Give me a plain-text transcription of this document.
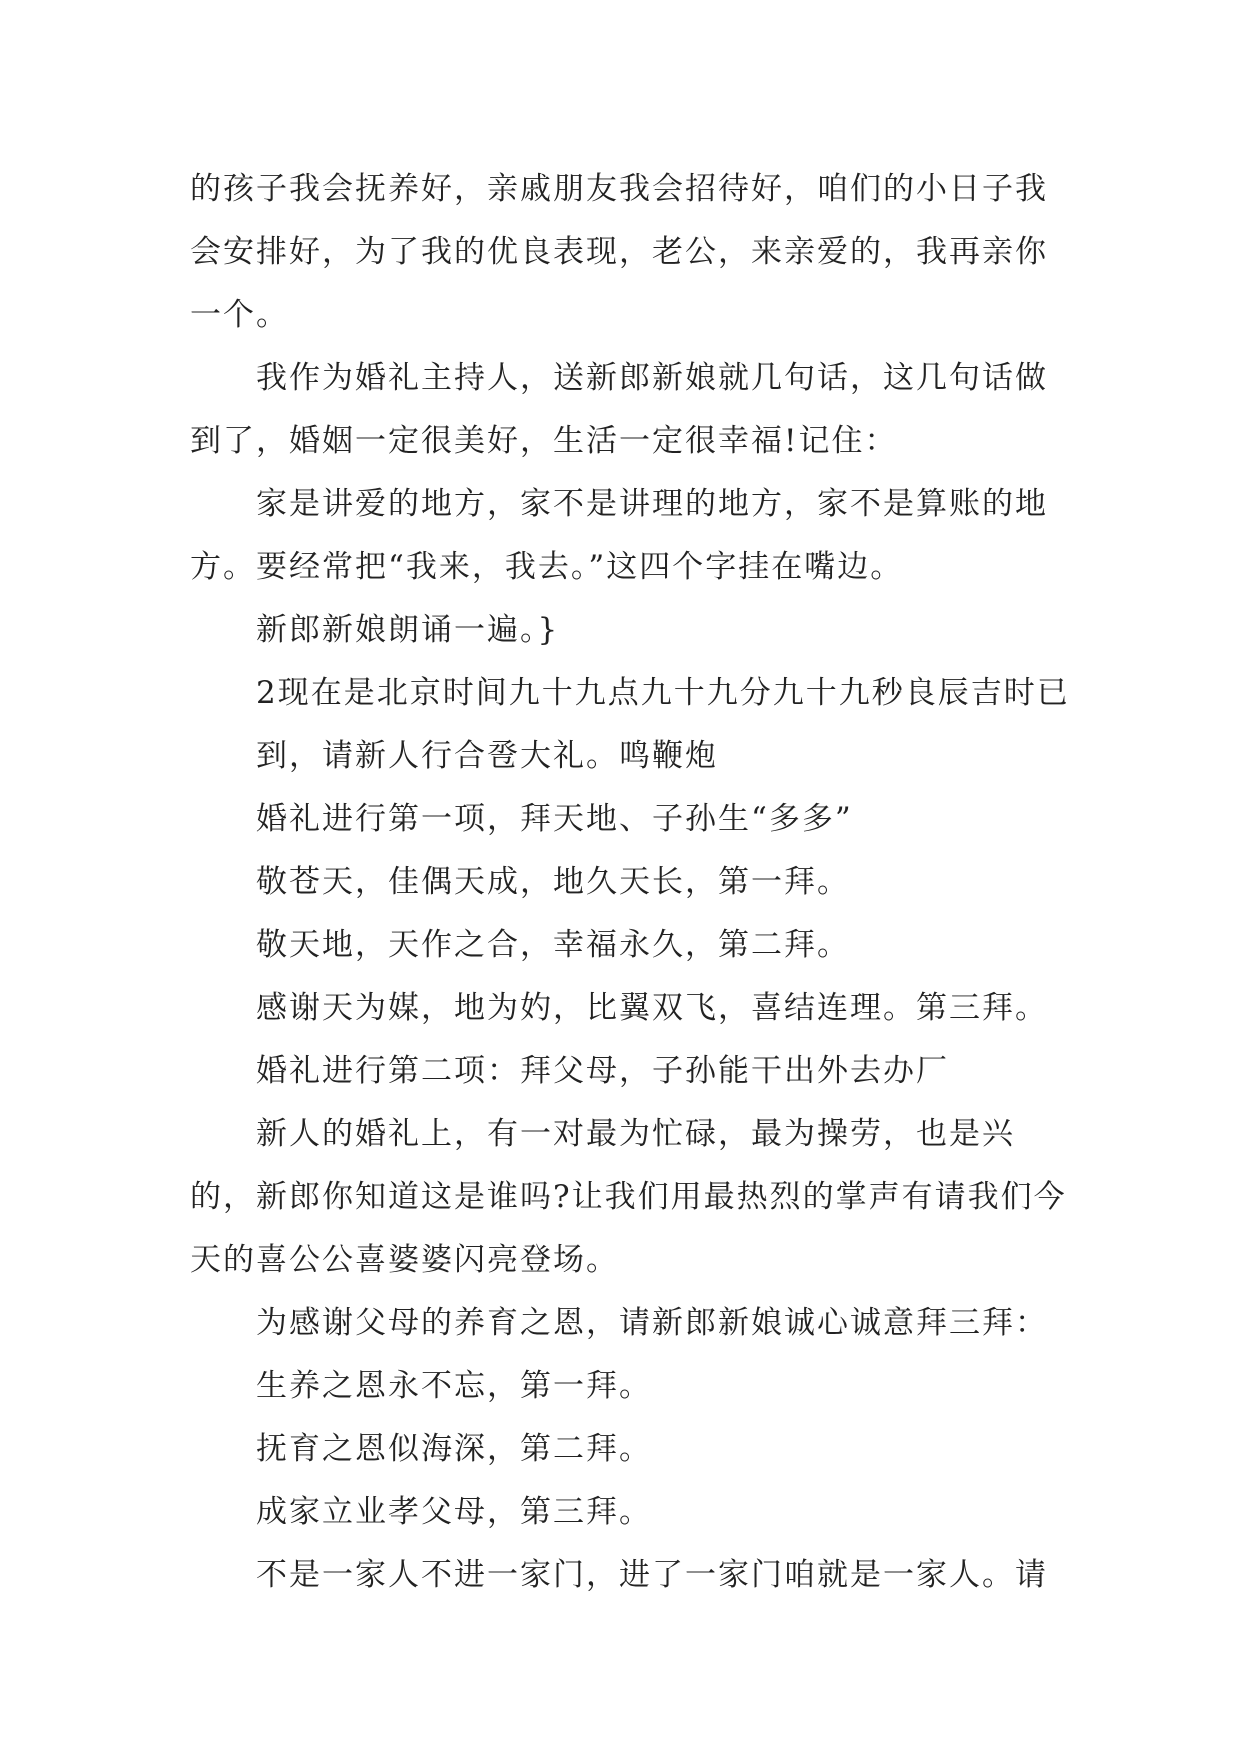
的孩子我会抚养好，亲戚朋友我会招待好，咱们的小日子我会安排好，为了我的优良表现，老公，来亲爱的，我再亲你一个。

我作为婚礼主持人，送新郎新娘就几句话，这几句话做到了，婚姻一定很美好，生活一定很幸福!记住：

家是讲爱的地方，家不是讲理的地方，家不是算账的地方。要经常把“我来，我去。”这四个字挂在嘴边。

新郎新娘朗诵一遍。}

2现在是北京时间九十九点九十九分九十九秒良辰吉时已

到，请新人行合卺大礼。鸣鞭炮

婚礼进行第一项，拜天地、子孙生“多多”

敬苍天，佳偶天成，地久天长，第一拜。

敬天地，天作之合，幸福永久，第二拜。

感谢天为媒，地为妁，比翼双飞，喜结连理。第三拜。

婚礼进行第二项：拜父母，子孙能干出外去办厂

新人的婚礼上，有一对最为忙碌，最为操劳，也是兴的，新郎你知道这是谁吗?让我们用最热烈的掌声有请我们今天的喜公公喜婆婆闪亮登场。

为感谢父母的养育之恩，请新郎新娘诚心诚意拜三拜：

生养之恩永不忘，第一拜。

抚育之恩似海深，第二拜。

成家立业孝父母，第三拜。

不是一家人不进一家门，进了一家门咱就是一家人。请
